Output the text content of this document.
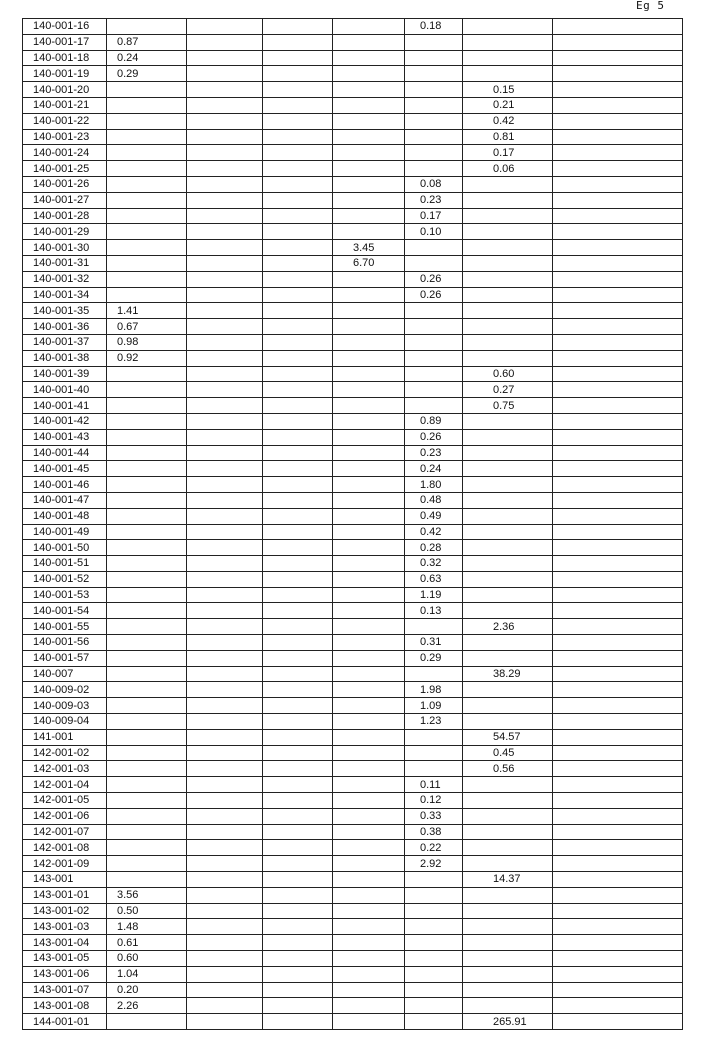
Eg 5
140-001-16					0.18		
140-001-17	0.87						
140-001-18	0.24						
140-001-19	0.29						
140-001-20						0.15	
140-001-21						0.21	
140-001-22						0.42	
140-001-23						0.81	
140-001-24						0.17	
140-001-25						0.06	
140-001-26					0.08		
140-001-27					0.23		
140-001-28					0.17		
140-001-29					0.10		
140-001-30				3.45			
140-001-31				6.70			
140-001-32					0.26		
140-001-34					0.26		
140-001-35	1.41						
140-001-36	0.67						
140-001-37	0.98						
140-001-38	0.92						
140-001-39						0.60	
140-001-40						0.27	
140-001-41						0.75	
140-001-42					0.89		
140-001-43					0.26		
140-001-44					0.23		
140-001-45					0.24		
140-001-46					1.80		
140-001-47					0.48		
140-001-48					0.49		
140-001-49					0.42		
140-001-50					0.28		
140-001-51					0.32		
140-001-52					0.63		
140-001-53					1.19		
140-001-54					0.13		
140-001-55						2.36	
140-001-56					0.31		
140-001-57					0.29		
140-007						38.29	
140-009-02					1.98		
140-009-03					1.09		
140-009-04					1.23		
141-001						54.57	
142-001-02						0.45	
142-001-03						0.56	
142-001-04					0.11		
142-001-05					0.12		
142-001-06					0.33		
142-001-07					0.38		
142-001-08					0.22		
142-001-09					2.92		
143-001						14.37	
143-001-01	3.56						
143-001-02	0.50						
143-001-03	1.48						
143-001-04	0.61						
143-001-05	0.60						
143-001-06	1.04						
143-001-07	0.20						
143-001-08	2.26						
144-001-01						265.91	
